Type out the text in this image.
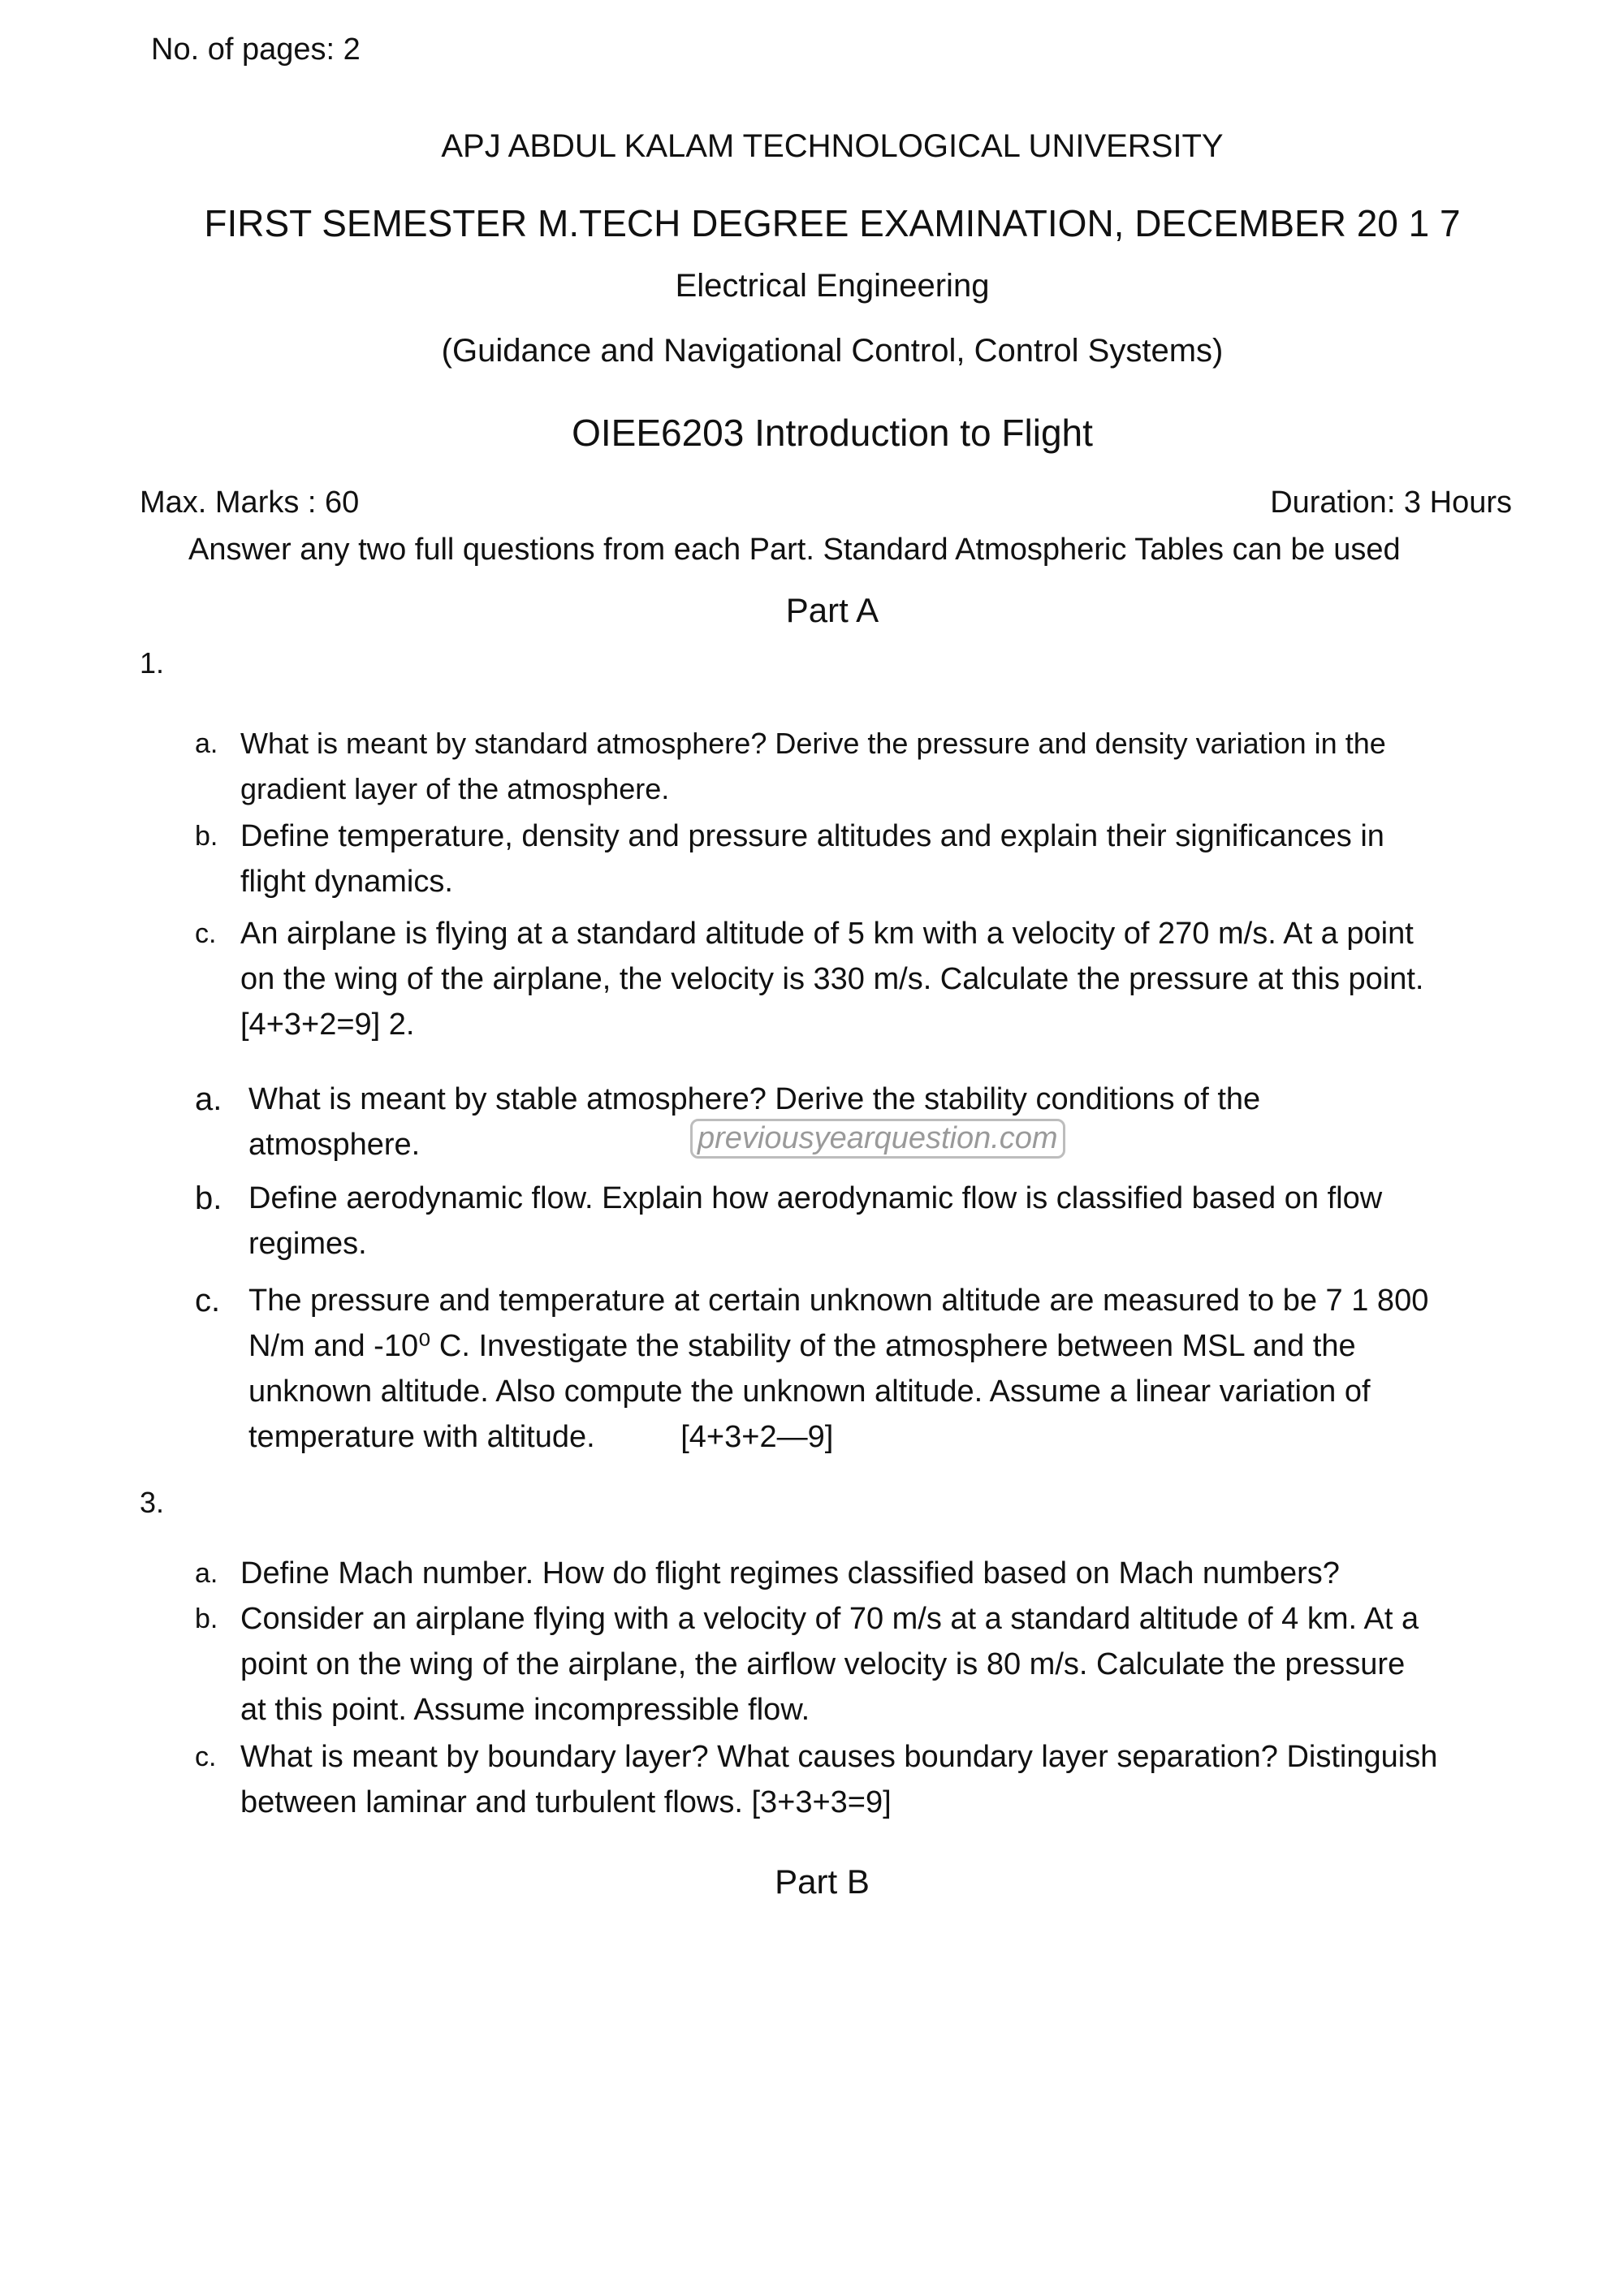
No. of pages: 2
APJ ABDUL KALAM TECHNOLOGICAL UNIVERSITY
FIRST SEMESTER M.TECH DEGREE EXAMINATION, DECEMBER 20 1 7
Electrical Engineering
(Guidance and Navigational Control, Control Systems)
OIEE6203 Introduction to Flight
Max. Marks : 60	Duration: 3 Hours
Answer any two full questions from each Part. Standard Atmospheric Tables can be used
Part A
1.
a. What is meant by standard atmosphere? Derive the pressure and density variation in the
gradient layer of the atmosphere.
b. Define temperature, density and pressure altitudes and explain their significances in
flight dynamics.
c. An airplane is flying at a standard altitude of 5 km with a velocity of 270 m/s. At a point
on the wing of the airplane, the velocity is 330 m/s. Calculate the pressure at this point.
[4+3+2=9] 2.
a. What is meant by stable atmosphere? Derive the stability conditions of the
atmosphere.	previousyearquestion.com
b. Define aerodynamic flow. Explain how aerodynamic flow is classified based on flow
regimes.
c. The pressure and temperature at certain unknown altitude are measured to be 7 1 800
N/m and -10⁰ C. Investigate the stability of the atmosphere between MSL and the
unknown altitude. Also compute the unknown altitude. Assume a linear variation of
temperature with altitude.          [4+3+2—9]
3.
a. Define Mach number. How do flight regimes classified based on Mach numbers?
b. Consider an airplane flying with a velocity of 70 m/s at a standard altitude of 4 km. At a
point on the wing of the airplane, the airflow velocity is 80 m/s. Calculate the pressure
at this point. Assume incompressible flow.
c. What is meant by boundary layer? What causes boundary layer separation? Distinguish
between laminar and turbulent flows. [3+3+3=9]
Part B
